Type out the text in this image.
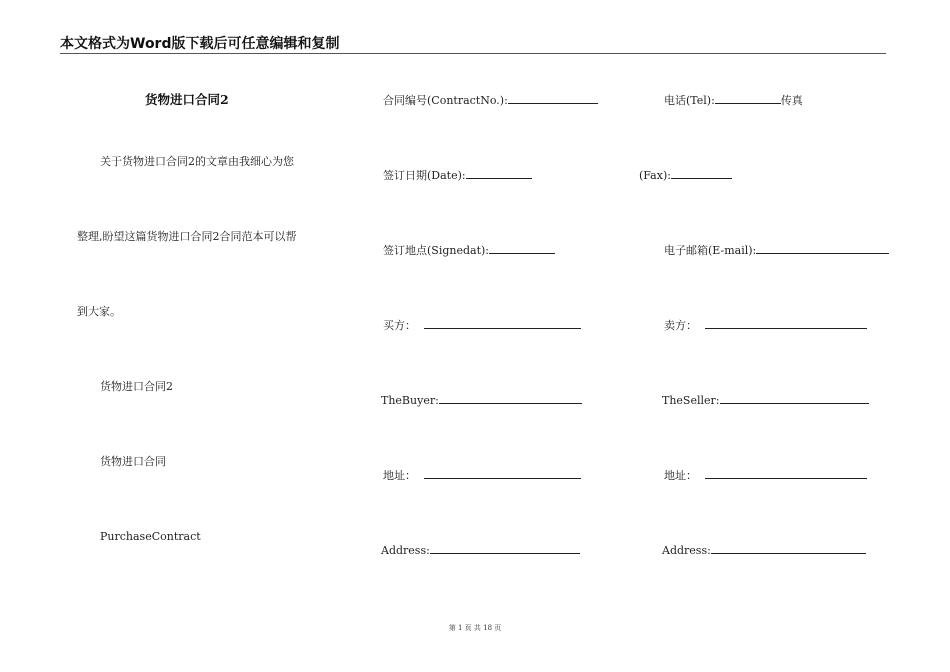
本文格式为Word版下载后可任意编辑和复制
货物进口合同2
关于货物进口合同2的文章由我细心为您
整理,盼望这篇货物进口合同2合同范本可以帮
到大家。
货物进口合同2
货物进口合同
PurchaseContract
合同编号(ContractNo.):
签订日期(Date):
签订地点(Signedat):
买方：
TheBuyer:
地址：
Address:
电话(Tel):	传真
(Fax):
电子邮箱(E-mail):
卖方：
TheSeller:
地址：
Address:
第 1 页 共 18 页
